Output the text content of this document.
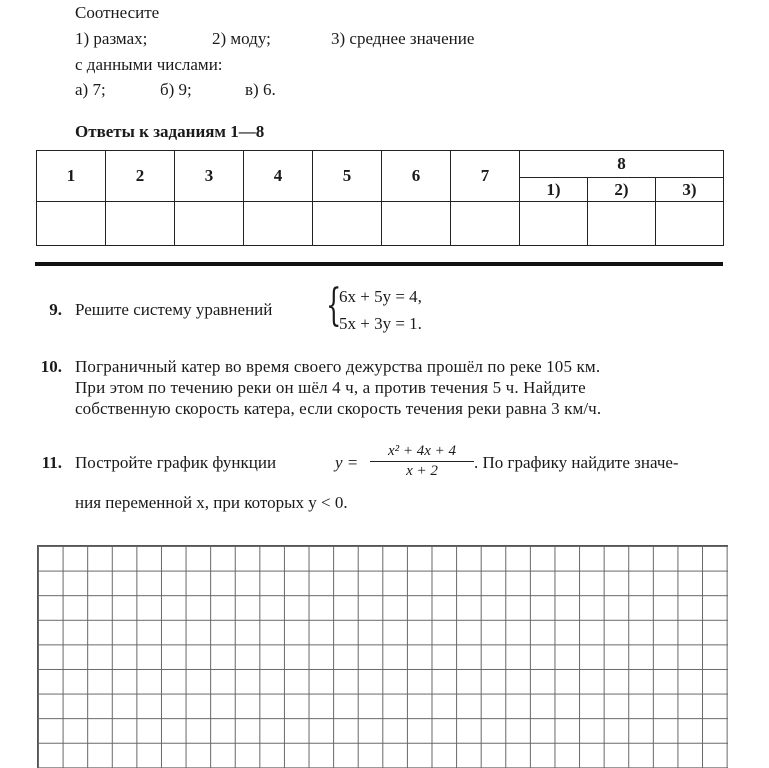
Соотнесите
1) размах;	2) моду;	3) среднее значение
с данными числами:
а) 7;	б) 9;	в) 6.
Ответы к заданиям 1—8
1	2	3	4	5	6	7	8		
							1)	2)	3)

9. Решите систему уравнений {
6x + 5y = 4,
5x + 3y = 1.
10. Пограничный катер во время своего дежурства прошёл по реке 105 км.
При этом по течению реки он шёл 4 ч, а против течения 5 ч. Найдите
собственную скорость катера, если скорость течения реки равна 3 км/ч.
11. Постройте график функции	$y = \frac{\text{x² + 4x + 4}}{x + 2}$ . По графику найдите значе-
ния переменной x, при которых y < 0.
